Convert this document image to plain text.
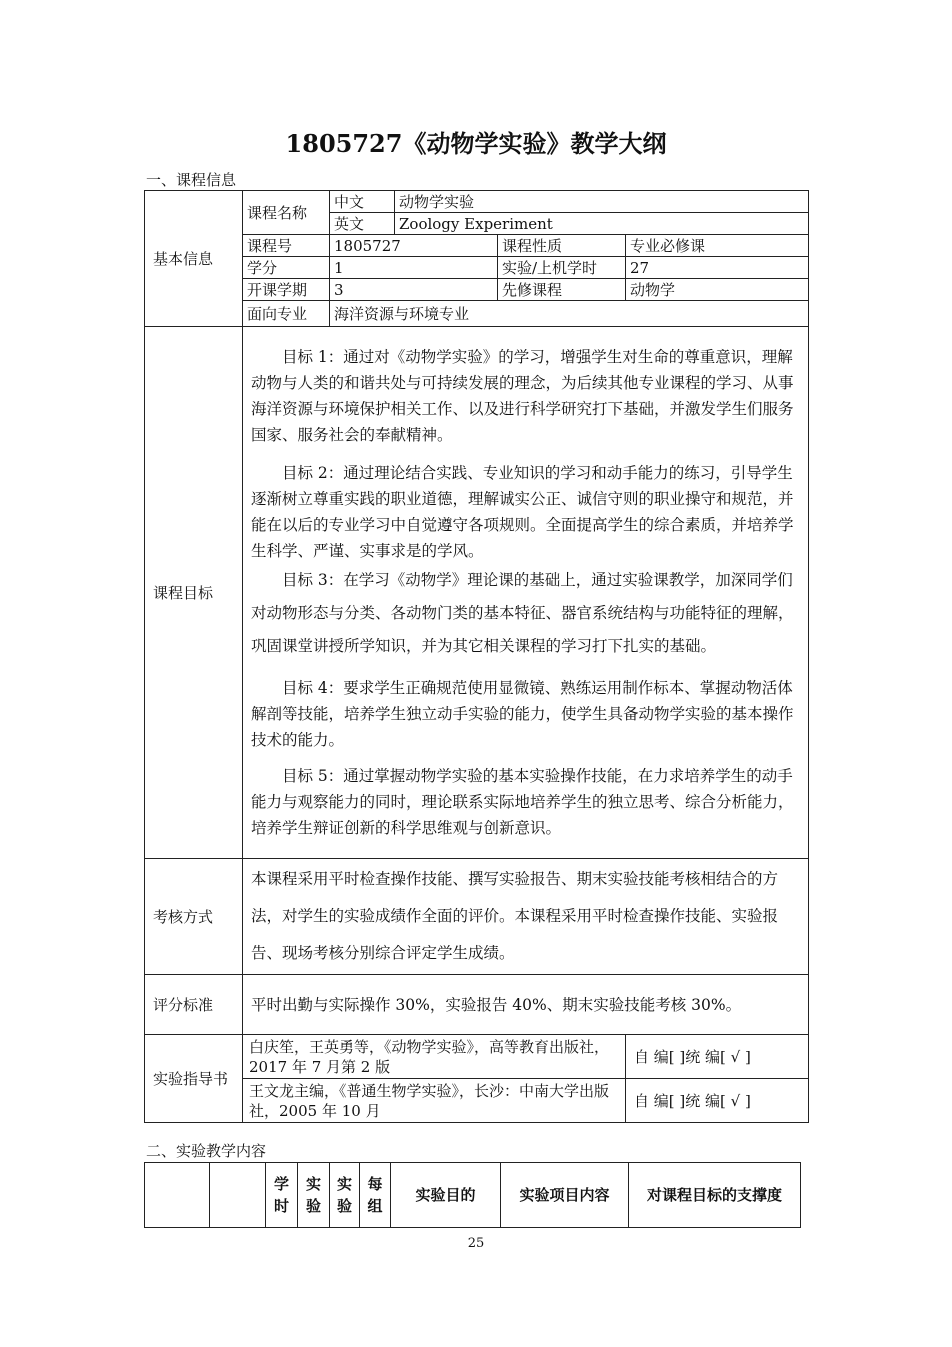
1805727《动物学实验》教学大纲
一、课程信息
基本信息	课程名称	中文	动物学实验		
		英文	Zoology Experiment		
	课程号	1805727		课程性质	专业必修课
	学分	1		实验/上机学时	27
	开课学期	3		先修课程	动物学
	面向专业	海洋资源与环境专业			
课程目标	目标 1：通过对《动物学实验》的学习，增强学生对生命的尊重意识，理解动物与人类的和谐共处与可持续发展的理念，为后续其他专业课程的学习、从事海洋资源与环境保护相关工作、以及进行科学研究打下基础，并激发学生们服务国家、服务社会的奉献精神。

目标 2：通过理论结合实践、专业知识的学习和动手能力的练习，引导学生逐渐树立尊重实践的职业道德，理解诚实公正、诚信守则的职业操守和规范，并能在以后的专业学习中自觉遵守各项规则。全面提高学生的综合素质，并培养学生科学、严谨、实事求是的学风。

目标 3：在学习《动物学》理论课的基础上，通过实验课教学，加深同学们对动物形态与分类、各动物门类的基本特征、器官系统结构与功能特征的理解，巩固课堂讲授所学知识，并为其它相关课程的学习打下扎实的基础。

目标 4：要求学生正确规范使用显微镜、熟练运用制作标本、掌握动物活体解剖等技能，培养学生独立动手实验的能力，使学生具备动物学实验的基本操作技术的能力。

目标 5：通过掌握动物学实验的基本实验操作技能，在力求培养学生的动手能力与观察能力的同时，理论联系实际地培养学生的独立思考、综合分析能力，培养学生辩证创新的科学思维观与创新意识。				

考核方式	本课程采用平时检查操作技能、撰写实验报告、期末实验技能考核相结合的方法，对学生的实验成绩作全面的评价。本课程采用平时检查操作技能、实验报告、现场考核分别综合评定学生成绩。				
评分标准	平时出勤与实际操作 30%，实验报告 40%、期末实验技能考核 30%。				
实验指导书	白庆笙，王英勇等，《动物学实验》，高等教育出版社，2017 年 7 月第 2 版				自 编[ ]统 编[ √ ]
	王文龙主编，《普通生物学实验》，长沙：中南大学出版社，2005 年 10 月				自 编[ ]统 编[ √ ]
二、实验教学内容
		学时	实验	实验	每组	实验目的	实验项目内容	对课程目标的支撑度
25
